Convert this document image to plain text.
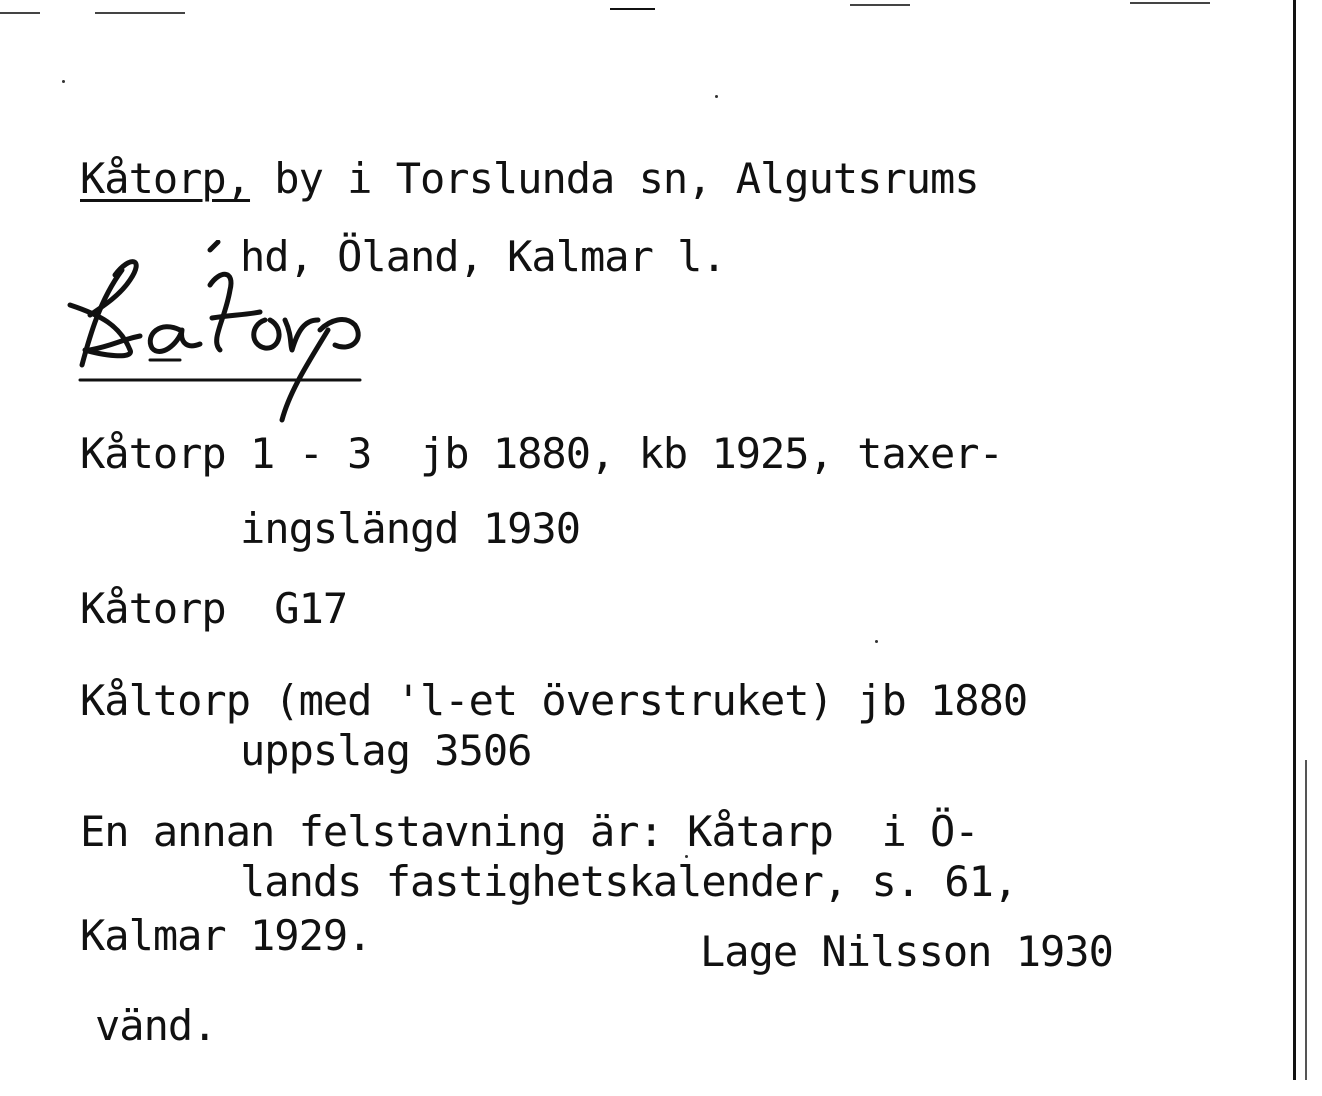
Kåtorp, by i Torslunda sn, Algutsrums
hd, Öland, Kalmar l.
Kåtorp 1 - 3  jb 1880, kb 1925, taxer-
ingslängd 1930
Kåtorp  G17
Kåltorp (med 'l-et överstruket) jb 1880
uppslag 3506
En annan felstavning är: Kåtarp  i Ö-
lands fastighetskalender, s. 61,
Kalmar 1929.	Lage Nilsson 1930
vänd.
